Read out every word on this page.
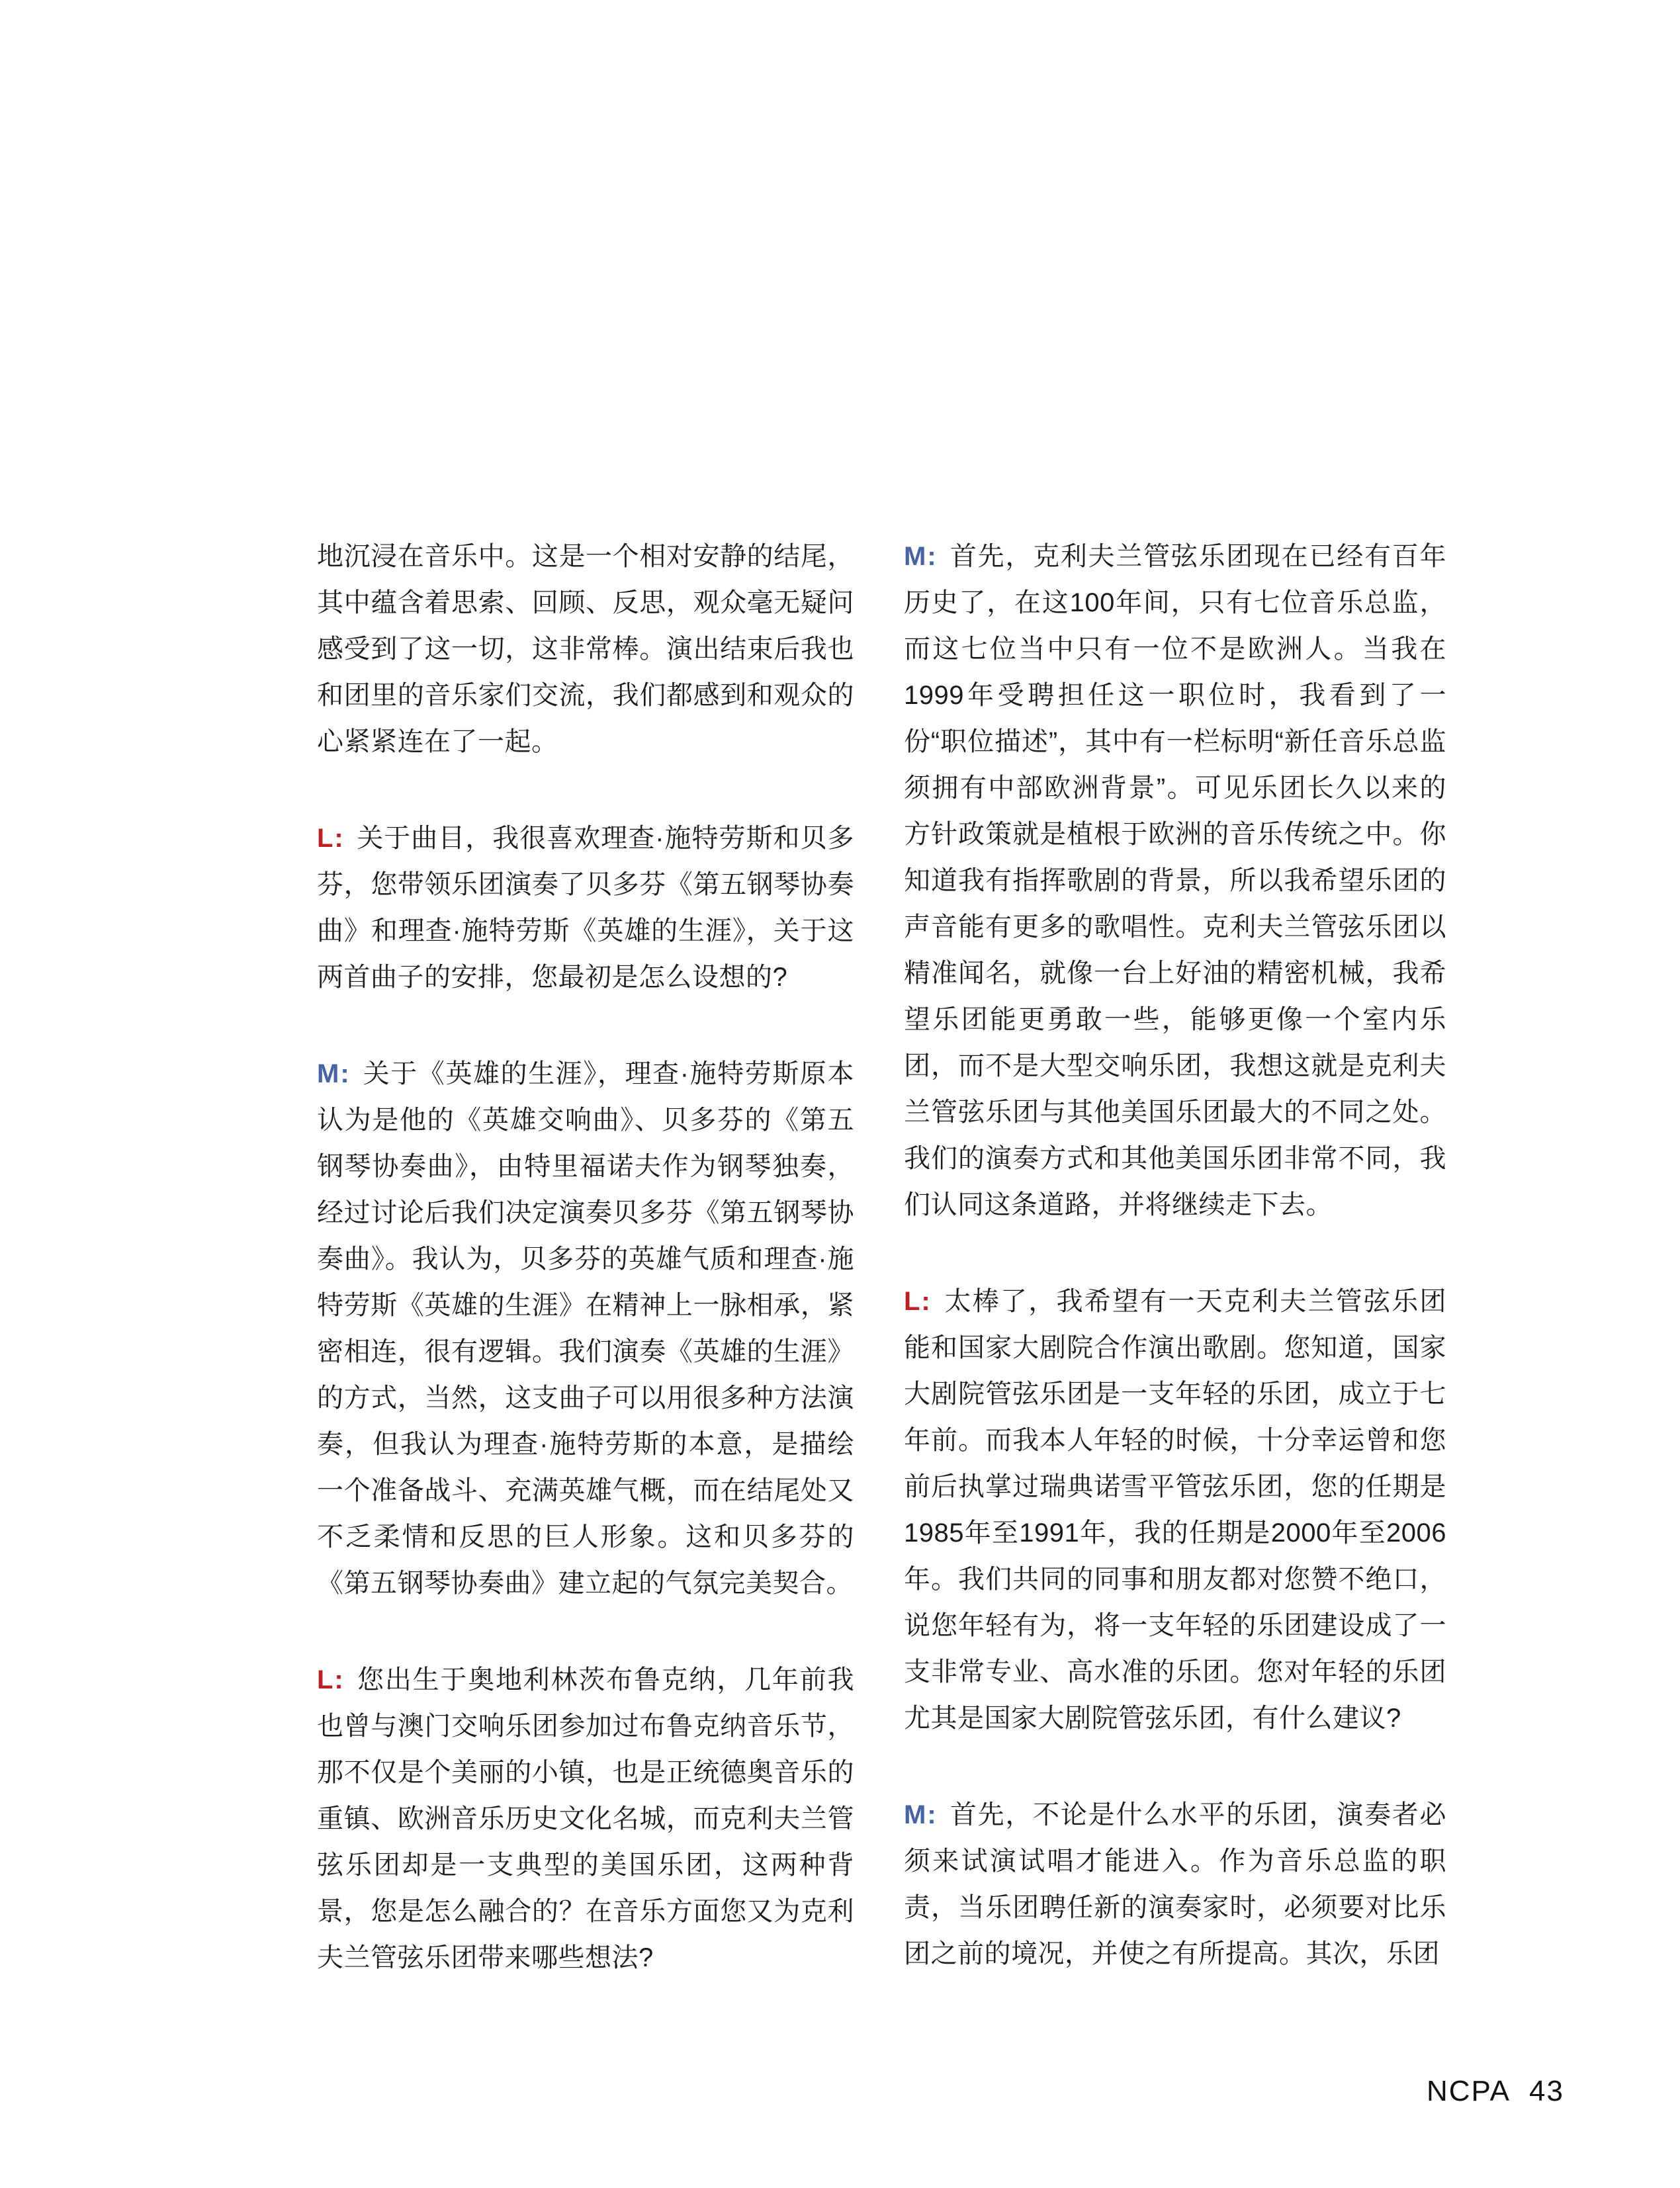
地沉浸在音乐中。这是一个相对安静的结尾，其中蕴含着思索、回顾、反思，观众毫无疑问感受到了这一切，这非常棒。演出结束后我也和团里的音乐家们交流，我们都感到和观众的心紧紧连在了一起。

L: 关于曲目，我很喜欢理查·施特劳斯和贝多芬，您带领乐团演奏了贝多芬《第五钢琴协奏曲》和理查·施特劳斯《英雄的生涯》，关于这两首曲子的安排，您最初是怎么设想的?

M: 关于《英雄的生涯》，理查·施特劳斯原本认为是他的《英雄交响曲》、贝多芬的《第五钢琴协奏曲》，由特里福诺夫作为钢琴独奏，经过讨论后我们决定演奏贝多芬《第五钢琴协奏曲》。我认为，贝多芬的英雄气质和理查·施特劳斯《英雄的生涯》在精神上一脉相承，紧密相连，很有逻辑。我们演奏《英雄的生涯》的方式，当然，这支曲子可以用很多种方法演奏，但我认为理查·施特劳斯的本意，是描绘一个准备战斗、充满英雄气概，而在结尾处又不乏柔情和反思的巨人形象。这和贝多芬的《第五钢琴协奏曲》建立起的气氛完美契合。

L: 您出生于奥地利林茨布鲁克纳，几年前我也曾与澳门交响乐团参加过布鲁克纳音乐节，那不仅是个美丽的小镇，也是正统德奥音乐的重镇、欧洲音乐历史文化名城，而克利夫兰管弦乐团却是一支典型的美国乐团，这两种背景，您是怎么融合的？在音乐方面您又为克利夫兰管弦乐团带来哪些想法?

M: 首先，克利夫兰管弦乐团现在已经有百年历史了，在这100年间，只有七位音乐总监，而这七位当中只有一位不是欧洲人。当我在1999年受聘担任这一职位时，我看到了一份“职位描述”，其中有一栏标明“新任音乐总监须拥有中部欧洲背景”。可见乐团长久以来的方针政策就是植根于欧洲的音乐传统之中。你知道我有指挥歌剧的背景，所以我希望乐团的声音能有更多的歌唱性。克利夫兰管弦乐团以精准闻名，就像一台上好油的精密机械，我希望乐团能更勇敢一些，能够更像一个室内乐团，而不是大型交响乐团，我想这就是克利夫兰管弦乐团与其他美国乐团最大的不同之处。我们的演奏方式和其他美国乐团非常不同，我们认同这条道路，并将继续走下去。

L: 太棒了，我希望有一天克利夫兰管弦乐团能和国家大剧院合作演出歌剧。您知道，国家大剧院管弦乐团是一支年轻的乐团，成立于七年前。而我本人年轻的时候，十分幸运曾和您前后执掌过瑞典诺雪平管弦乐团，您的任期是1985年至1991年，我的任期是2000年至2006年。我们共同的同事和朋友都对您赞不绝口，说您年轻有为，将一支年轻的乐团建设成了一支非常专业、高水准的乐团。您对年轻的乐团尤其是国家大剧院管弦乐团，有什么建议?

M: 首先，不论是什么水平的乐团，演奏者必须来试演试唱才能进入。作为音乐总监的职责，当乐团聘任新的演奏家时，必须要对比乐团之前的境况，并使之有所提高。其次，乐团

NCPA 43
